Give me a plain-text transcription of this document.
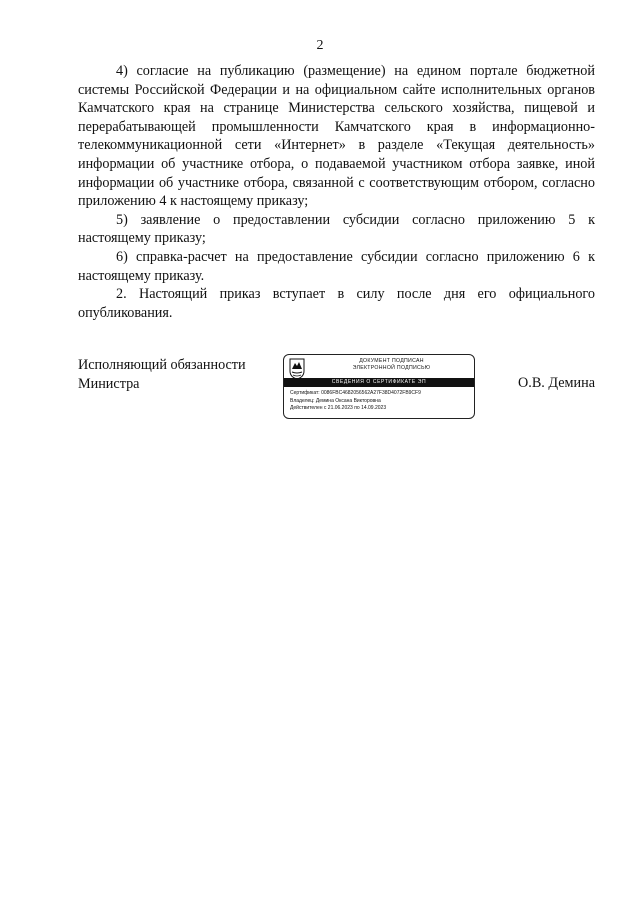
2

4) согласие на публикацию (размещение) на едином портале бюджетной системы Российской Федерации и на официальном сайте исполнительных органов Камчатского края на странице Министерства сельского хозяйства, пищевой и перерабатывающей промышленности Камчатского края в информационно-телекоммуникационной сети «Интернет» в разделе «Текущая деятельность» информации об участнике отбора, о подаваемой участником отбора заявке, иной информации об участнике отбора, связанной с соответствующим отбором, согласно приложению 4 к настоящему приказу;

5) заявление о предоставлении субсидии согласно приложению 5 к настоящему приказу;

6) справка-расчет на предоставление субсидии согласно приложению 6 к настоящему приказу.

2. Настоящий приказ вступает в силу после дня его официального опубликования.

Исполняющий обязанности
Министра	О.В. Демина
ДОКУМЕНТ ПОДПИСАН
ЭЛЕКТРОННОЙ ПОДПИСЬЮ
СВЕДЕНИЯ О СЕРТИФИКАТЕ ЭП
Сертификат: 0086FBC4682056562A27F38D4072FB9CF9
Владелец: Демина Оксана Викторовна
Действителен с 21.06.2023 по 14.09.2023
